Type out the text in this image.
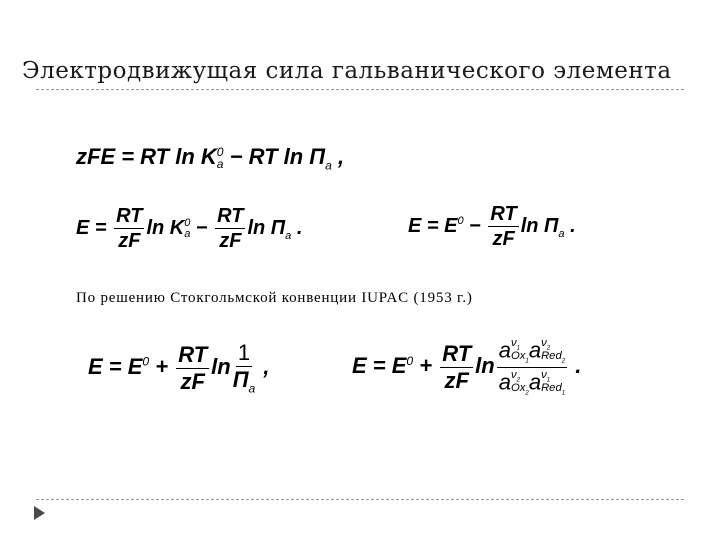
Электродвижущая сила гальванического элемента
zFE = RT ln K 0
a − RT $\ln \Pi_a$ ,
$E = \frac{RT}{zF}$ ln K 0
$a - \frac{RT}{zF}$ $\ln \Pi_a$ .	$E = E^0 - \frac{RT}{zF}$ $\ln \Pi_a$ .
По решению Стокгольмской конвенции IUPAC (1953 г.)
$E = E^0 + \frac{RT}{zF}$ $\ln \frac{1}{\Pi_a}$ ,	$E = E^0 + \frac{RT}{zF}$ ln a $\nu_1$
$Ox_1$ a $\nu_2$
Red$_2$
a $\nu_2$
$Ox_2$ a $\nu_1$
Red$_1$ .
